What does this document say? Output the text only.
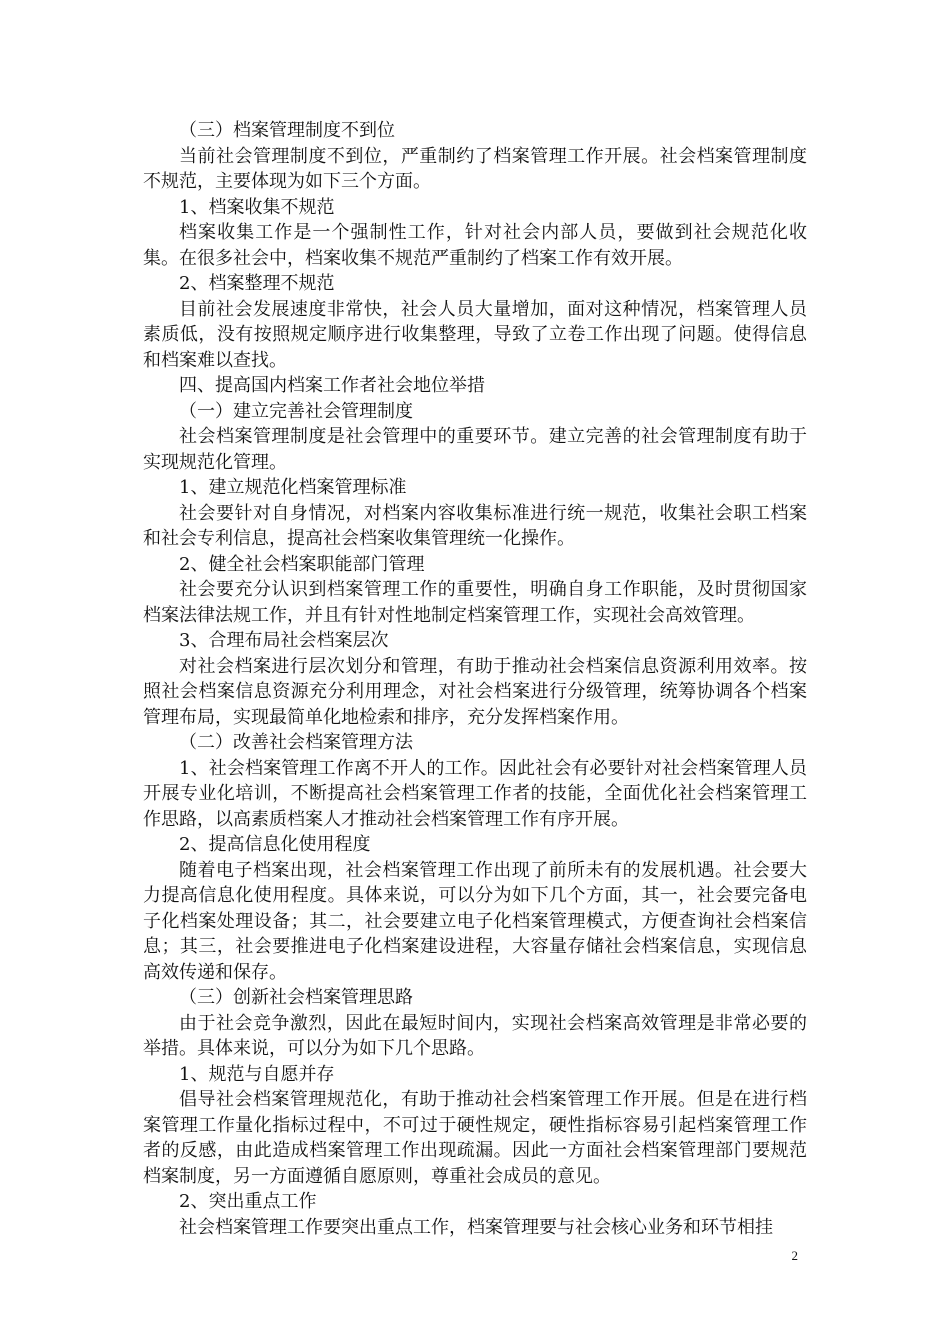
（三）档案管理制度不到位

当前社会管理制度不到位，严重制约了档案管理工作开展。社会档案管理制度不规范，主要体现为如下三个方面。

1、档案收集不规范

档案收集工作是一个强制性工作，针对社会内部人员，要做到社会规范化收集。在很多社会中，档案收集不规范严重制约了档案工作有效开展。

2、档案整理不规范

目前社会发展速度非常快，社会人员大量增加，面对这种情况，档案管理人员素质低，没有按照规定顺序进行收集整理，导致了立卷工作出现了问题。使得信息和档案难以查找。

四、提高国内档案工作者社会地位举措

（一）建立完善社会管理制度

社会档案管理制度是社会管理中的重要环节。建立完善的社会管理制度有助于实现规范化管理。

1、建立规范化档案管理标准

社会要针对自身情况，对档案内容收集标准进行统一规范，收集社会职工档案和社会专利信息，提高社会档案收集管理统一化操作。

2、健全社会档案职能部门管理

社会要充分认识到档案管理工作的重要性，明确自身工作职能，及时贯彻国家档案法律法规工作，并且有针对性地制定档案管理工作，实现社会高效管理。

3、合理布局社会档案层次

对社会档案进行层次划分和管理，有助于推动社会档案信息资源利用效率。按照社会档案信息资源充分利用理念，对社会档案进行分级管理，统筹协调各个档案管理布局，实现最简单化地检索和排序，充分发挥档案作用。

（二）改善社会档案管理方法

1、社会档案管理工作离不开人的工作。因此社会有必要针对社会档案管理人员开展专业化培训，不断提高社会档案管理工作者的技能，全面优化社会档案管理工作思路，以高素质档案人才推动社会档案管理工作有序开展。

2、提高信息化使用程度

随着电子档案出现，社会档案管理工作出现了前所未有的发展机遇。社会要大力提高信息化使用程度。具体来说，可以分为如下几个方面，其一，社会要完备电子化档案处理设备；其二，社会要建立电子化档案管理模式，方便查询社会档案信息；其三，社会要推进电子化档案建设进程，大容量存储社会档案信息，实现信息高效传递和保存。

（三）创新社会档案管理思路

由于社会竞争激烈，因此在最短时间内，实现社会档案高效管理是非常必要的举措。具体来说，可以分为如下几个思路。

1、规范与自愿并存

倡导社会档案管理规范化，有助于推动社会档案管理工作开展。但是在进行档案管理工作量化指标过程中，不可过于硬性规定，硬性指标容易引起档案管理工作者的反感，由此造成档案管理工作出现疏漏。因此一方面社会档案管理部门要规范档案制度，另一方面遵循自愿原则，尊重社会成员的意见。

2、突出重点工作

社会档案管理工作要突出重点工作，档案管理要与社会核心业务和环节相挂

2
